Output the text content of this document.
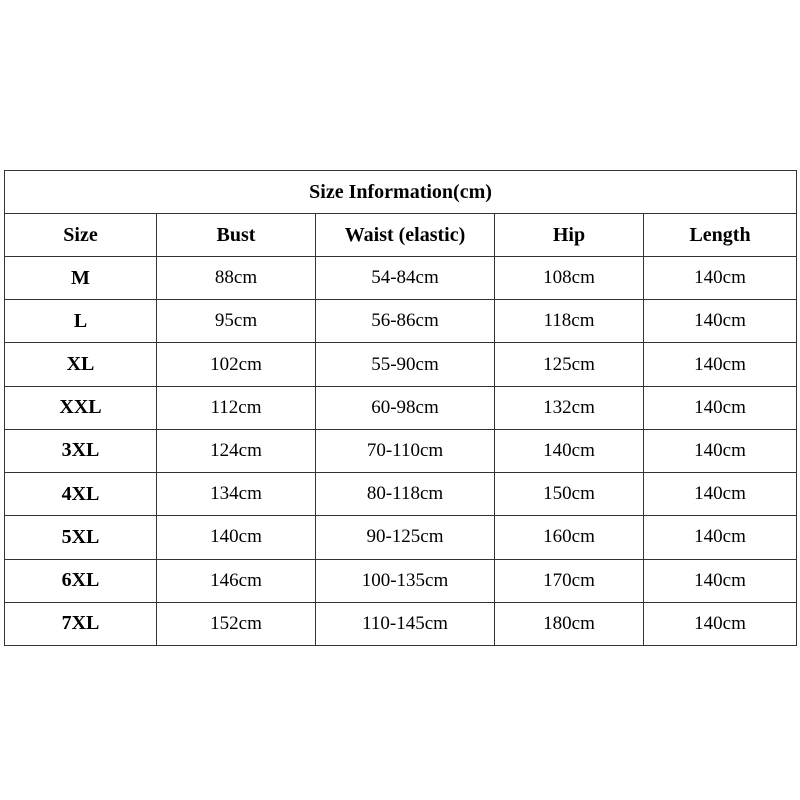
Size Information(cm)				
Size	Bust	Waist (elastic)	Hip	Length
M	88cm	54-84cm	108cm	140cm
L	95cm	56-86cm	118cm	140cm
XL	102cm	55-90cm	125cm	140cm
XXL	112cm	60-98cm	132cm	140cm
3XL	124cm	70-110cm	140cm	140cm
4XL	134cm	80-118cm	150cm	140cm
5XL	140cm	90-125cm	160cm	140cm
6XL	146cm	100-135cm	170cm	140cm
7XL	152cm	110-145cm	180cm	140cm
